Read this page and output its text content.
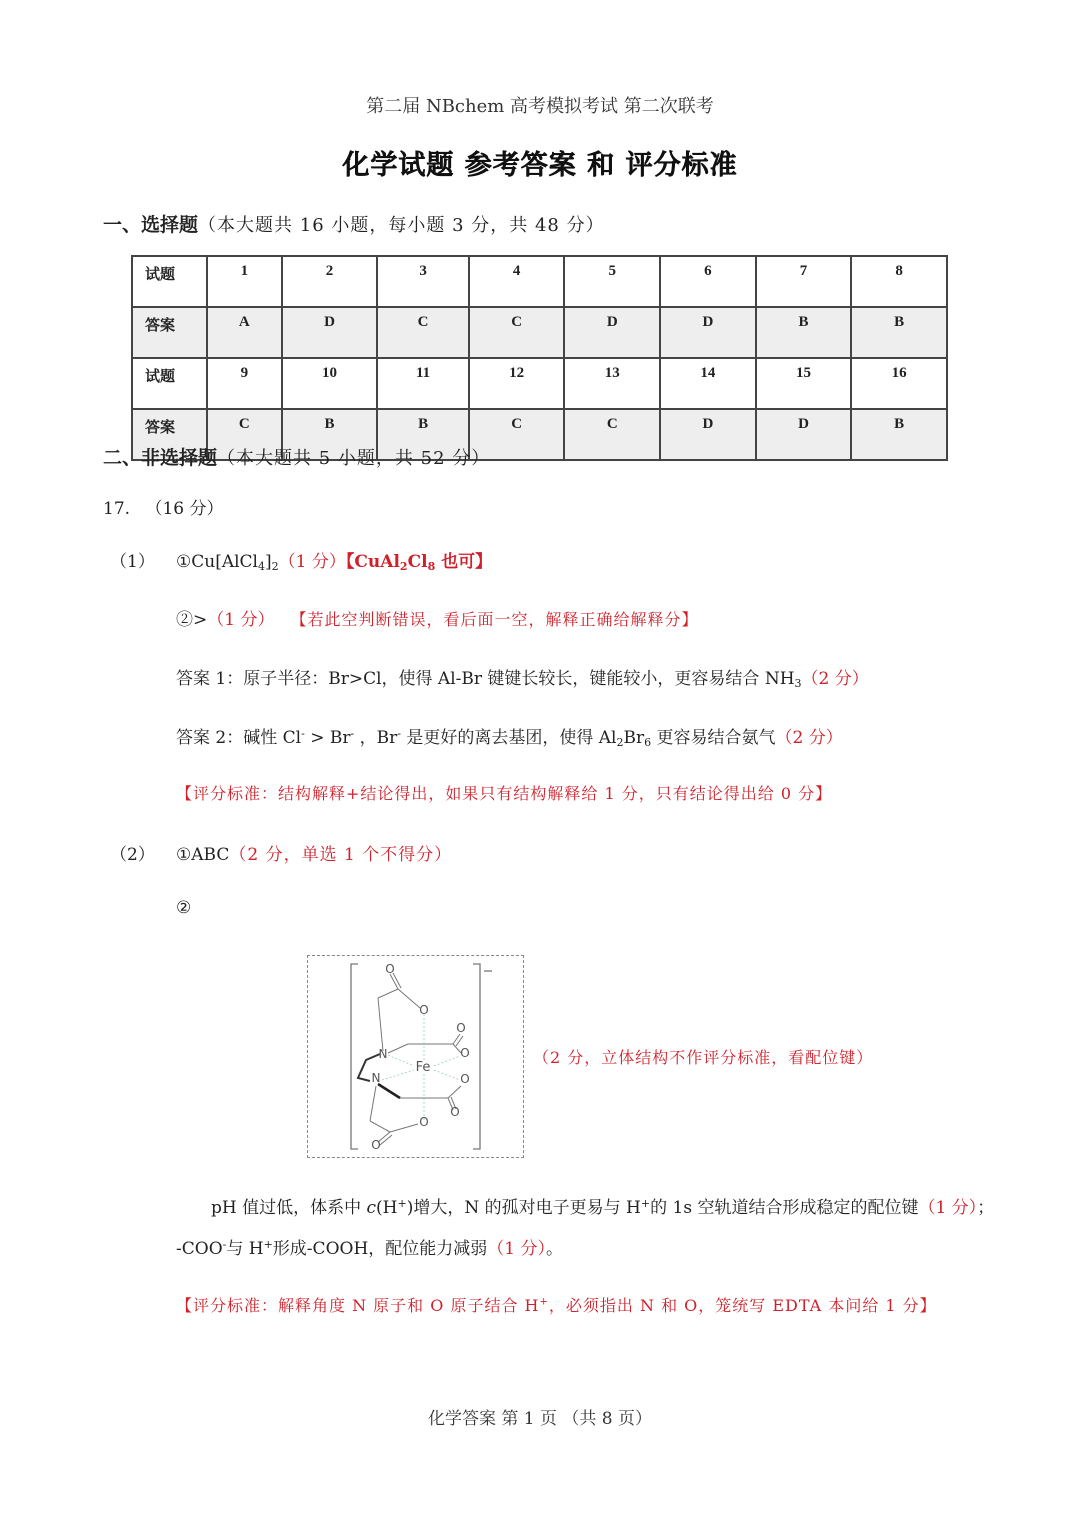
第二届 NBchem 高考模拟考试 第二次联考
化学试题 参考答案 和 评分标准
一、选择题（本大题共 16 小题，每小题 3 分，共 48 分）
试题	1	2	3	4	5	6	7	8
答案	A	D	C	C	D	D	B	B
试题	9	10	11	12	13	14	15	16
答案	C	B	B	C	C	D	D	B
二、非选择题（本大题共 5 小题，共 52 分）
17. （16 分）
（1） $①Cu[AlCl_4]_2(1$ 分）【$CuAl_2Cl_8$ 也可】
②>（1 分） 【若此空判断错误，看后面一空，解释正确给解释分】
答案 1：原子半径：Br>Cl，使得 Al-Br 键键长较长，键能较小，更容易结合 $NH_3(2$ 分）
答案 2：碱性 Cl- > Br- ，Br- 是更好的离去基团，使得 $Al_2Br_6$ 更容易结合氨气（2 分）
【评分标准：结构解释+结论得出，如果只有结构解释给 1 分，只有结论得出给 0 分】
（2） ①ABC（2 分，单选 1 个不得分）
②
O
O
O
O
N
Fe
N	O
O
O
O
（2 分，立体结构不作评分标准，看配位键）
pH 值过低，体系中 c(H+)增大，N 的孤对电子更易与 H+的 1s 空轨道结合形成稳定的配位键（1 分）；
-COO-与 H+形成-COOH，配位能力减弱（1 分）。
【评分标准：解释角度 N 原子和 O 原子结合 H+，必须指出 N 和 O，笼统写 EDTA 本问给 1 分】
化学答案 第 1 页 （共 8 页）
